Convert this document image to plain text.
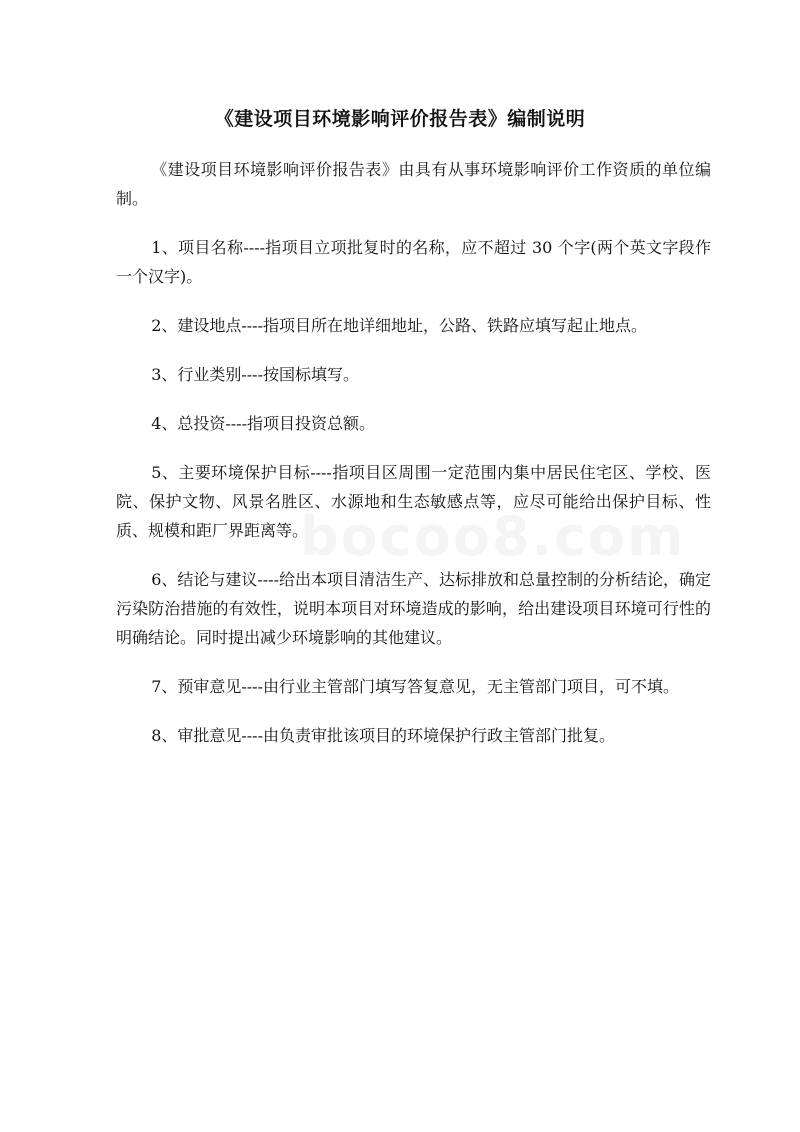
《建设项目环境影响评价报告表》编制说明

《建设项目环境影响评价报告表》由具有从事环境影响评价工作资质的单位编制。

1、项目名称----指项目立项批复时的名称，应不超过 30 个字(两个英文字段作一个汉字)。

2、建设地点----指项目所在地详细地址，公路、铁路应填写起止地点。

3、行业类别----按国标填写。

4、总投资----指项目投资总额。

5、主要环境保护目标----指项目区周围一定范围内集中居民住宅区、学校、医院、保护文物、风景名胜区、水源地和生态敏感点等，应尽可能给出保护目标、性质、规模和距厂界距离等。

6、结论与建议----给出本项目清洁生产、达标排放和总量控制的分析结论，确定污染防治措施的有效性，说明本项目对环境造成的影响，给出建设项目环境可行性的明确结论。同时提出减少环境影响的其他建议。

7、预审意见----由行业主管部门填写答复意见，无主管部门项目，可不填。

8、审批意见----由负责审批该项目的环境保护行政主管部门批复。
